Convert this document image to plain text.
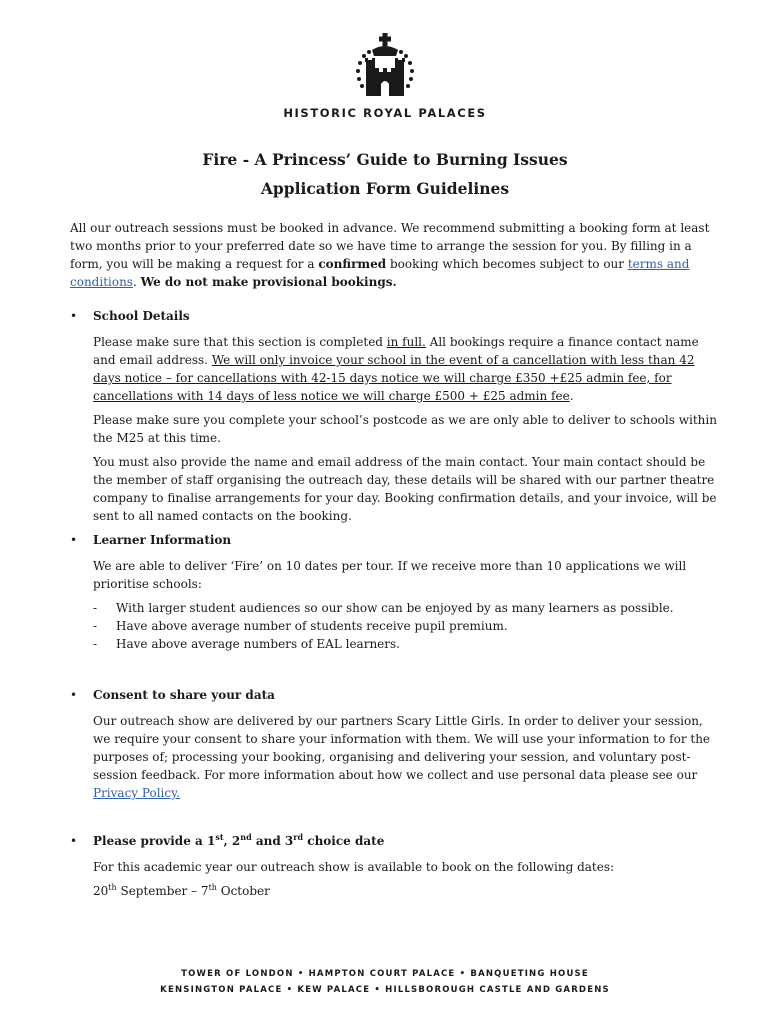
HISTORIC ROYAL PALACES
Fire - A Princess’ Guide to Burning Issues
Application Form Guidelines

All our outreach sessions must be booked in advance. We recommend submitting a booking form at least two months prior to your preferred date so we have time to arrange the session for you. By filling in a form, you will be making a request for a confirmed booking which becomes subject to our terms and conditions. We do not make provisional bookings.

• School Details

Please make sure that this section is completed in full. All bookings require a finance contact name and email address. We will only invoice your school in the event of a cancellation with less than 42 days notice – for cancellations with 42-15 days notice we will charge £350 +£25 admin fee, for cancellations with 14 days of less notice we will charge £500 + £25 admin fee.

Please make sure you complete your school’s postcode as we are only able to deliver to schools within the M25 at this time.

You must also provide the name and email address of the main contact. Your main contact should be the member of staff organising the outreach day, these details will be shared with our partner theatre company to finalise arrangements for your day. Booking confirmation details, and your invoice, will be sent to all named contacts on the booking.

• Learner Information

We are able to deliver ‘Fire’ on 10 dates per tour. If we receive more than 10 applications we will prioritise schools:

- With larger student audiences so our show can be enjoyed by as many learners as possible.

- Have above average number of students receive pupil premium.

- Have above average numbers of EAL learners.

• Consent to share your data

Our outreach show are delivered by our partners Scary Little Girls. In order to deliver your session, we require your consent to share your information with them. We will use your information to for the purposes of; processing your booking, organising and delivering your session, and voluntary post-session feedback. For more information about how we collect and use personal data please see our Privacy Policy.

• Please provide a 1st, 2nd and 3rd choice date

For this academic year our outreach show is available to book on the following dates:

20th September – 7th October

TOWER OF LONDON • HAMPTON COURT PALACE • BANQUETING HOUSE
KENSINGTON PALACE • KEW PALACE • HILLSBOROUGH CASTLE AND GARDENS
